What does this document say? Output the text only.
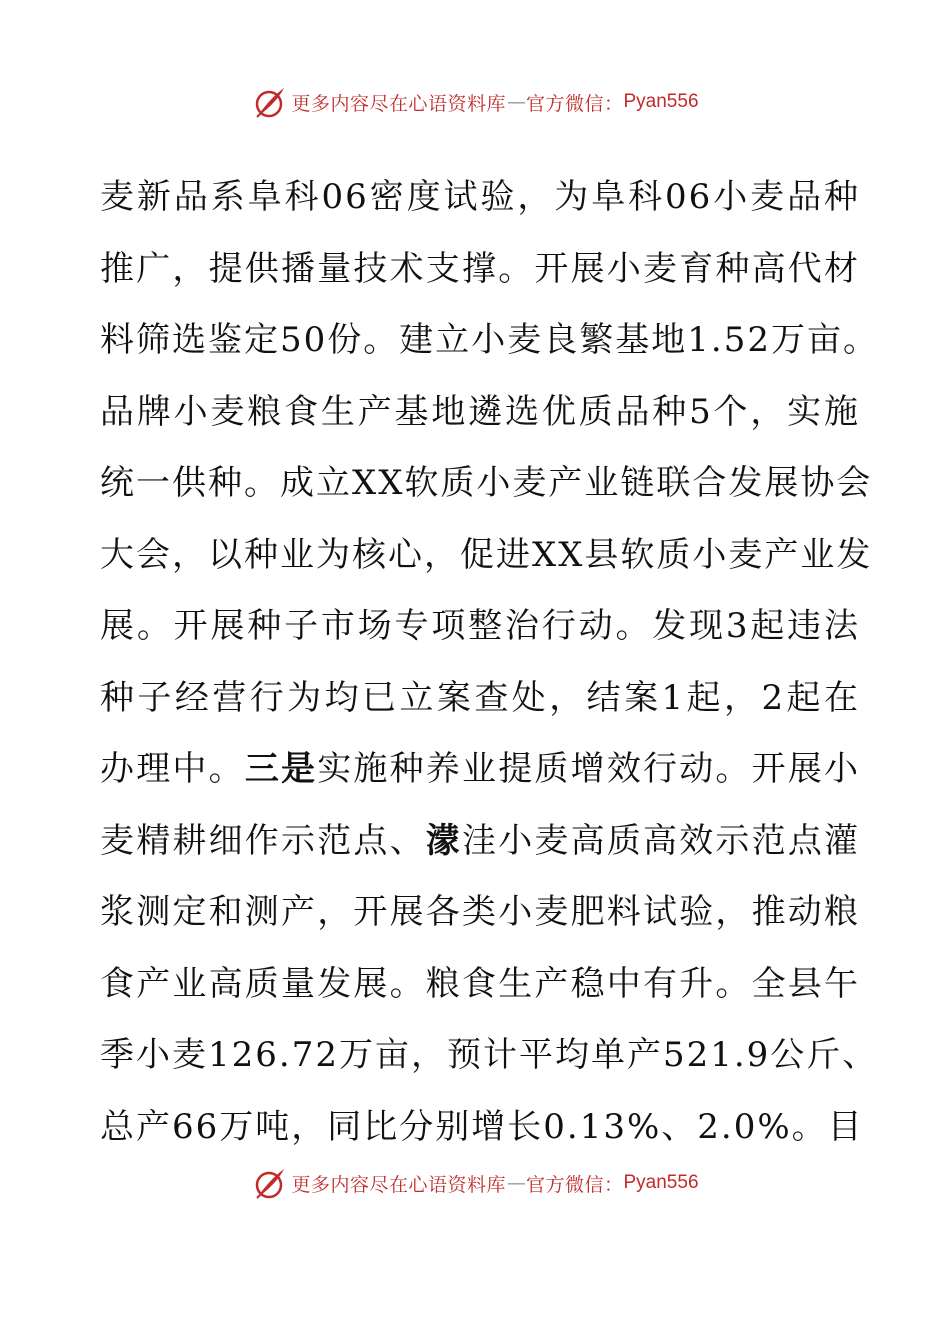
更多内容尽在心语资料库 — 官方微信： Pyan556
麦新品系阜科06密度试验，为阜科06小麦品种
推广，提供播量技术支撑。开展小麦育种高代材
料筛选鉴定50份。建立小麦良繁基地1.52万亩。
品牌小麦粮食生产基地遴选优质品种5个，实施
统一供种。成立XX软质小麦产业链联合发展协会
大会，以种业为核心，促进XX县软质小麦产业发
展。开展种子市场专项整治行动。发现3起违法
种子经营行为均已立案查处，结案1起，2起在
办理中。三是实施种养业提质增效行动。开展小
麦精耕细作示范点、濛洼小麦高质高效示范点灌
浆测定和测产，开展各类小麦肥料试验，推动粮
食产业高质量发展。粮食生产稳中有升。全县午
季小麦126.72万亩，预计平均单产521.9公斤、
总产66万吨，同比分别增长0.13%、2.0%。目
更多内容尽在心语资料库 — 官方微信： Pyan556
